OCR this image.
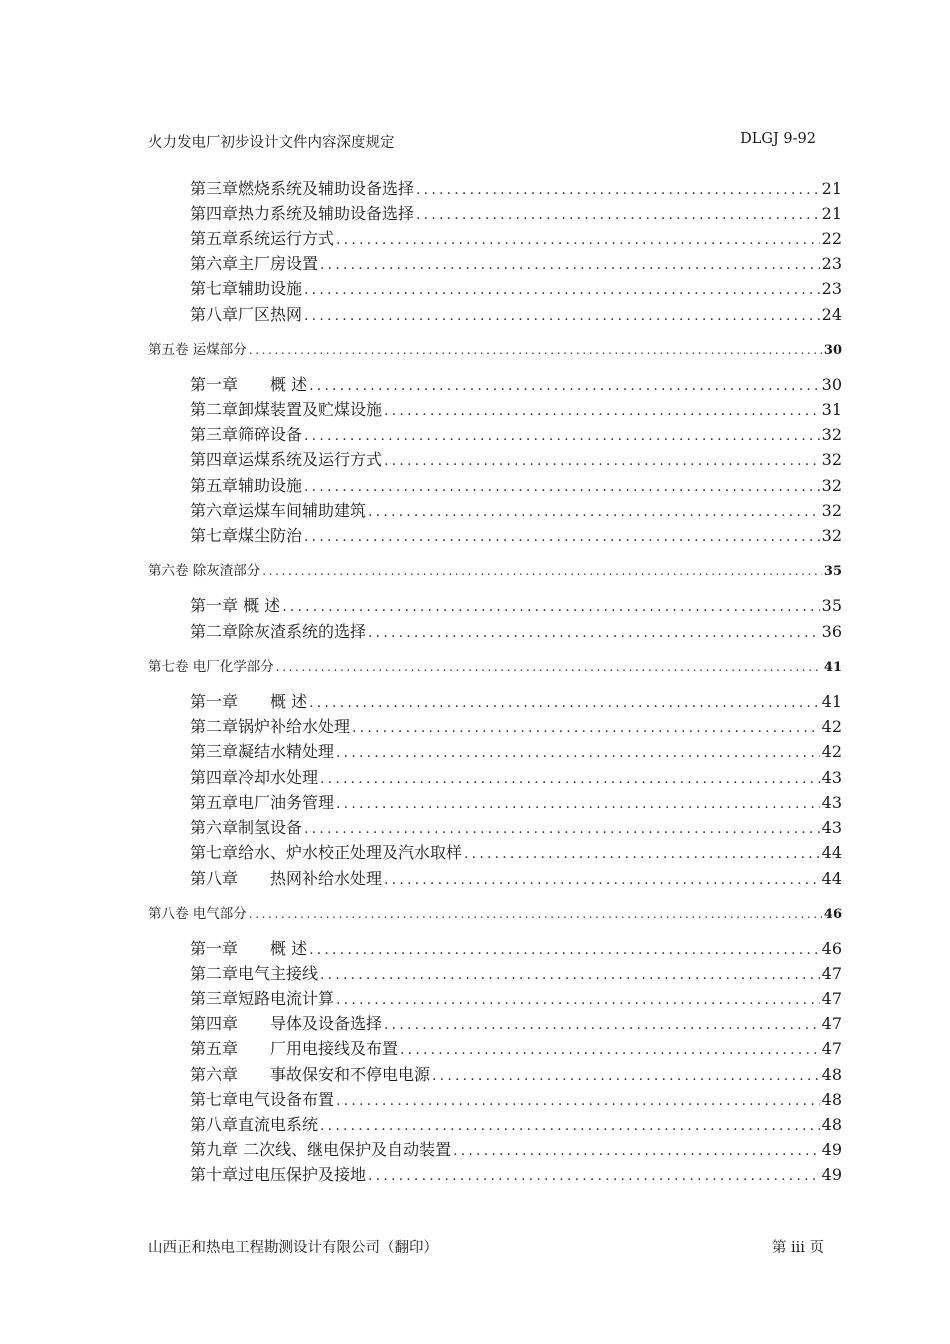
火力发电厂初步设计文件内容深度规定	DLGJ 9-92
第三章燃烧系统及辅助设备选择 .....	21
第四章热力系统及辅助设备选择 .....	21
第五章系统运行方式 .....	22
第六章主厂房设置 .....	23
第七章辅助设施 .....	23
第八章厂区热网 .....	24
第五卷 运煤部分 .....	30
第一章　　概 述 .....	30
第二章卸煤装置及贮煤设施 .....	31
第三章筛碎设备 .....	32
第四章运煤系统及运行方式 .....	32
第五章辅助设施 .....	32
第六章运煤车间辅助建筑 .....	32
第七章煤尘防治 .....	32
第六卷 除灰渣部分 .....	35
第一章 概 述 .....	35
第二章除灰渣系统的选择 .....	36
第七卷 电厂化学部分 .....	41
第一章　　概 述 .....	41
第二章锅炉补给水处理 .....	42
第三章凝结水精处理 .....	42
第四章冷却水处理 .....	43
第五章电厂油务管理 .....	43
第六章制氢设备 .....	43
第七章给水、炉水校正处理及汽水取样 .....	44
第八章　　热网补给水处理 .....	44
第八卷 电气部分 .....	46
第一章　　概 述 .....	46
第二章电气主接线 .....	47
第三章短路电流计算 .....	47
第四章　　导体及设备选择 .....	47
第五章　　厂用电接线及布置 .....	47
第六章　　事故保安和不停电电源 .....	48
第七章电气设备布置 .....	48
第八章直流电系统 .....	48
第九章 二次线、继电保护及自动装置 .....	49
第十章过电压保护及接地 .....	49
山西正和热电工程勘测设计有限公司（翻印）	第 iii 页
